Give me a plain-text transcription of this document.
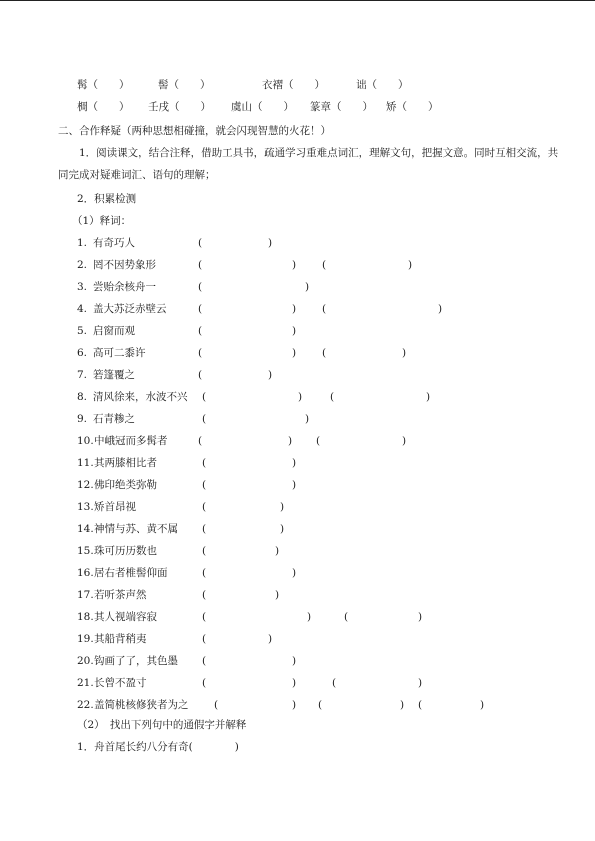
髯（　　）	髻（　　）	衣褶（　　）	诎（　　）
椆（　　） 壬戌（　　） 虞山（　　） 篆章（　　） 矫（　　）
二、合作释疑（两种思想相碰撞，就会闪现智慧的火花！）
1．阅读课文，结合注释，借助工具书，疏通学习重难点词汇，理解文句，把握文意。同时互相交流，共同完成对疑难词汇、语句的理解；
2．积累检测
（1）释词：
1. 有奇巧人	(	)
2. 罔不因势象形	(	) (	)
3. 尝贻余核舟一	(	)
4. 盖大苏泛赤壁云	(	) (	)
5. 启窗而观	(	)
6. 高可二黍许	(	) (	)
7. 箬篷覆之	(	)
8. 清风徐来，水波不兴 (	)	(	)
9. 石青糁之	(	)
10. 中峨冠而多髯者	(	) (	)
11. 其两膝相比者	(	)
12. 佛印绝类弥勒	(	)
13. 矫首昂视	(	)
14. 神情与苏、黄不属 (	)
15. 珠可历历数也	(	)
16. 居右者椎髻仰面	(	)
17. 若听茶声然	(	)
18. 其人视端容寂	(	)	(	)
19. 其船背稍夷	(	)
20. 钩画了了，其色墨 (	)
21. 长曾不盈寸	(	)	(	)
22. 盖简桃核修狭者为之 (	) (	) (	)
（2）　找出下列句中的通假字并解释
1．舟首尾长约八分有奇(　　　　)
